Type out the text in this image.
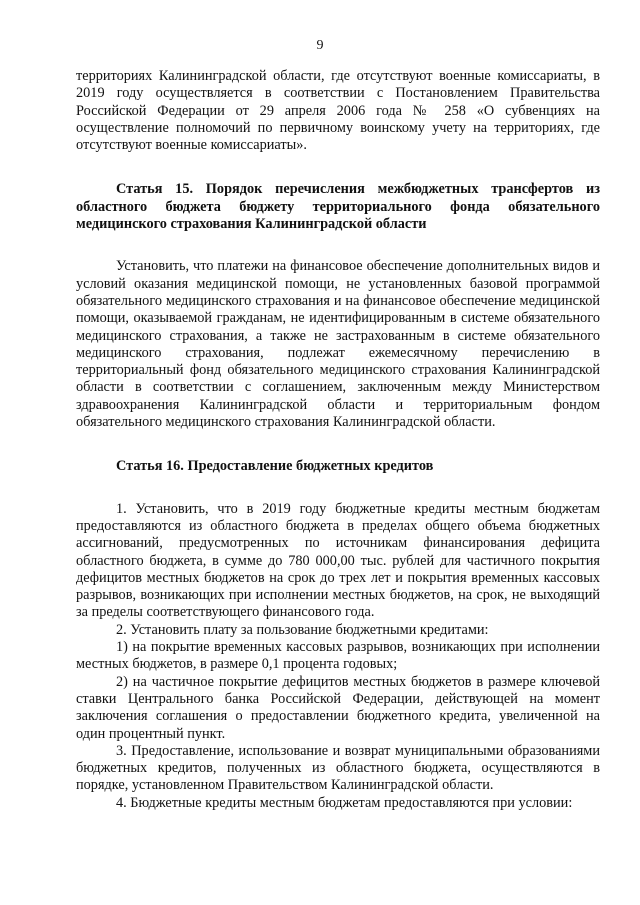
9

территориях Калининградской области, где отсутствуют военные комиссариаты, в 2019 году осуществляется в соответствии с Постановлением Правительства Российской Федерации от 29 апреля 2006 года № 258 «О субвенциях на осуществление полномочий по первичному воинскому учету на территориях, где отсутствуют военные комиссариаты».

Статья 15. Порядок перечисления межбюджетных трансфертов из областного бюджета бюджету территориального фонда обязательного медицинского страхования Калининградской области

Установить, что платежи на финансовое обеспечение дополнительных видов и условий оказания медицинской помощи, не установленных базовой программой обязательного медицинского страхования и на финансовое обеспечение медицинской помощи, оказываемой гражданам, не идентифицированным в системе обязательного медицинского страхования, а также не застрахованным в системе обязательного медицинского страхования, подлежат ежемесячному перечислению в территориальный фонд обязательного медицинского страхования Калининградской области в соответствии с соглашением, заключенным между Министерством здравоохранения Калининградской области и территориальным фондом обязательного медицинского страхования Калининградской области.

Статья 16. Предоставление бюджетных кредитов

1. Установить, что в 2019 году бюджетные кредиты местным бюджетам предоставляются из областного бюджета в пределах общего объема бюджетных ассигнований, предусмотренных по источникам финансирования дефицита областного бюджета, в сумме до 780 000,00 тыс. рублей для частичного покрытия дефицитов местных бюджетов на срок до трех лет и покрытия временных кассовых разрывов, возникающих при исполнении местных бюджетов, на срок, не выходящий за пределы соответствующего финансового года.

2. Установить плату за пользование бюджетными кредитами:

1) на покрытие временных кассовых разрывов, возникающих при исполнении местных бюджетов, в размере 0,1 процента годовых;

2) на частичное покрытие дефицитов местных бюджетов в размере ключевой ставки Центрального банка Российской Федерации, действующей на момент заключения соглашения о предоставлении бюджетного кредита, увеличенной на один процентный пункт.

3. Предоставление, использование и возврат муниципальными образованиями бюджетных кредитов, полученных из областного бюджета, осуществляются в порядке, установленном Правительством Калининградской области.

4. Бюджетные кредиты местным бюджетам предоставляются при условии:
